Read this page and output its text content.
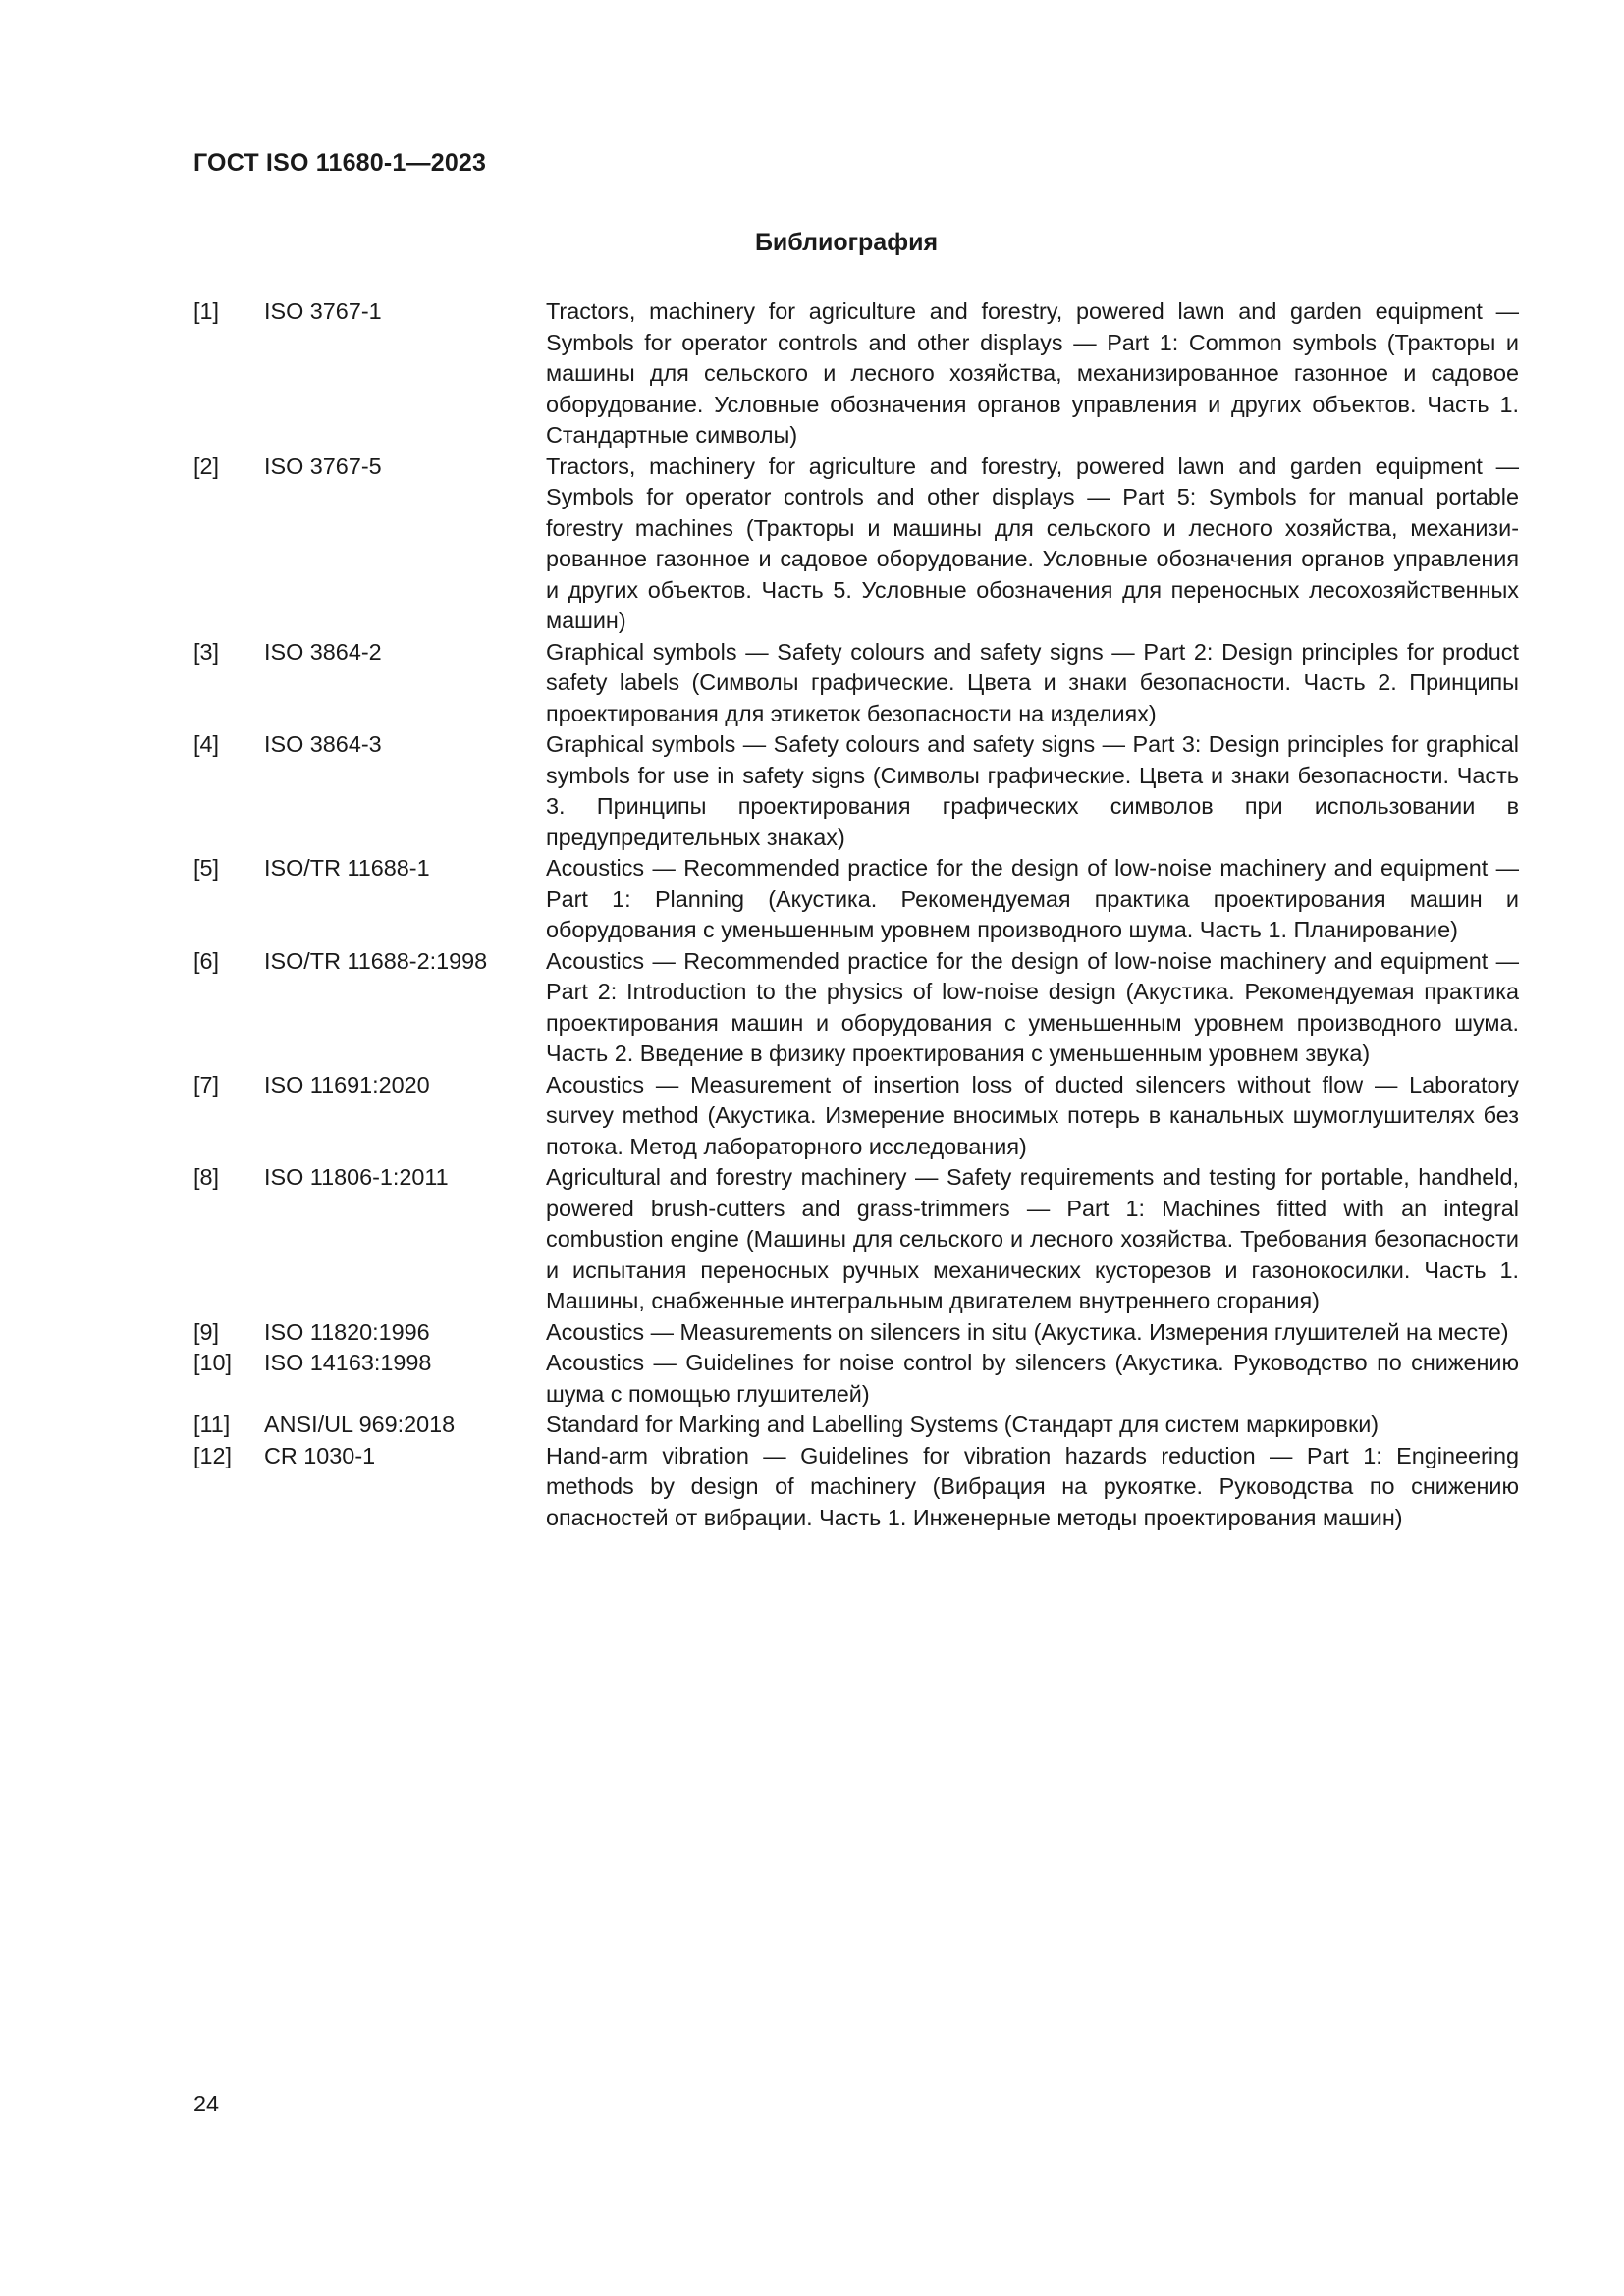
ГОСТ ISO 11680-1—2023
Библиография
[1]	ISO 3767-1	Tractors, machinery for agriculture and forestry, powered lawn and garden equipment — Symbols for operator controls and other displays — Part 1: Common symbols (Тракторы и машины для сельского и лесного хозяйства, механизированное газонное и садовое оборудование. Условные обозначения органов управления и других объектов. Часть 1. Стандартные символы)
[2]	ISO 3767-5	Tractors, machinery for agriculture and forestry, powered lawn and garden equipment — Symbols for operator controls and other displays — Part 5: Symbols for manual portable forestry machines (Тракторы и машины для сельского и лесного хозяйства, механизированное газонное и садовое оборудование. Условные обозначения органов управления и других объектов. Часть 5. Условные обозначения для переносных лесохозяйственных машин)
[3]	ISO 3864-2	Graphical symbols — Safety colours and safety signs — Part 2: Design principles for product safety labels (Символы графические. Цвета и знаки безопасности. Часть 2. Принципы проектирования для этикеток безопасности на изделиях)
[4]	ISO 3864-3	Graphical symbols — Safety colours and safety signs — Part 3: Design principles for graphical symbols for use in safety signs (Символы графические. Цвета и знаки безопасности. Часть 3. Принципы проектирования графических символов при использовании в предупредительных знаках)
[5]	ISO/TR 11688-1	Acoustics — Recommended practice for the design of low-noise machinery and equipment — Part 1: Planning (Акустика. Рекомендуемая практика проектирования машин и оборудования с уменьшенным уровнем производного шума. Часть 1. Планирование)
[6]	ISO/TR 11688-2:1998	Acoustics — Recommended practice for the design of low-noise machinery and equipment — Part 2: Introduction to the physics of low-noise design (Акустика. Рекомендуемая практика проектирования машин и оборудования с уменьшенным уровнем производного шума. Часть 2. Введение в физику проектирования с уменьшенным уровнем звука)
[7]	ISO 11691:2020	Acoustics — Measurement of insertion loss of ducted silencers without flow — Laboratory survey method (Акустика. Измерение вносимых потерь в канальных шумоглушителях без потока. Метод лабораторного исследования)
[8]	ISO 11806-1:2011	Agricultural and forestry machinery — Safety requirements and testing for portable, handheld, powered brush-cutters and grass-trimmers — Part 1: Machines fitted with an integral combustion engine (Машины для сельского и лесного хозяйства. Требования безопасности и испытания переносных ручных механических кусторезов и газонокосилки. Часть 1. Машины, снабженные интегральным двигателем внутреннего сгорания)
[9]	ISO 11820:1996	Acoustics — Measurements on silencers in situ (Акустика. Измерения глушителей на месте)
[10]	ISO 14163:1998	Acoustics — Guidelines for noise control by silencers (Акустика. Руководство по снижению шума с помощью глушителей)
[11]	ANSI/UL 969:2018	Standard for Marking and Labelling Systems (Стандарт для систем маркировки)
[12]	CR 1030-1	Hand-arm vibration — Guidelines for vibration hazards reduction — Part 1: Engineering methods by design of machinery (Вибрация на рукоятке. Руководства по снижению опасностей от вибрации. Часть 1. Инженерные методы проектирования машин)
24
